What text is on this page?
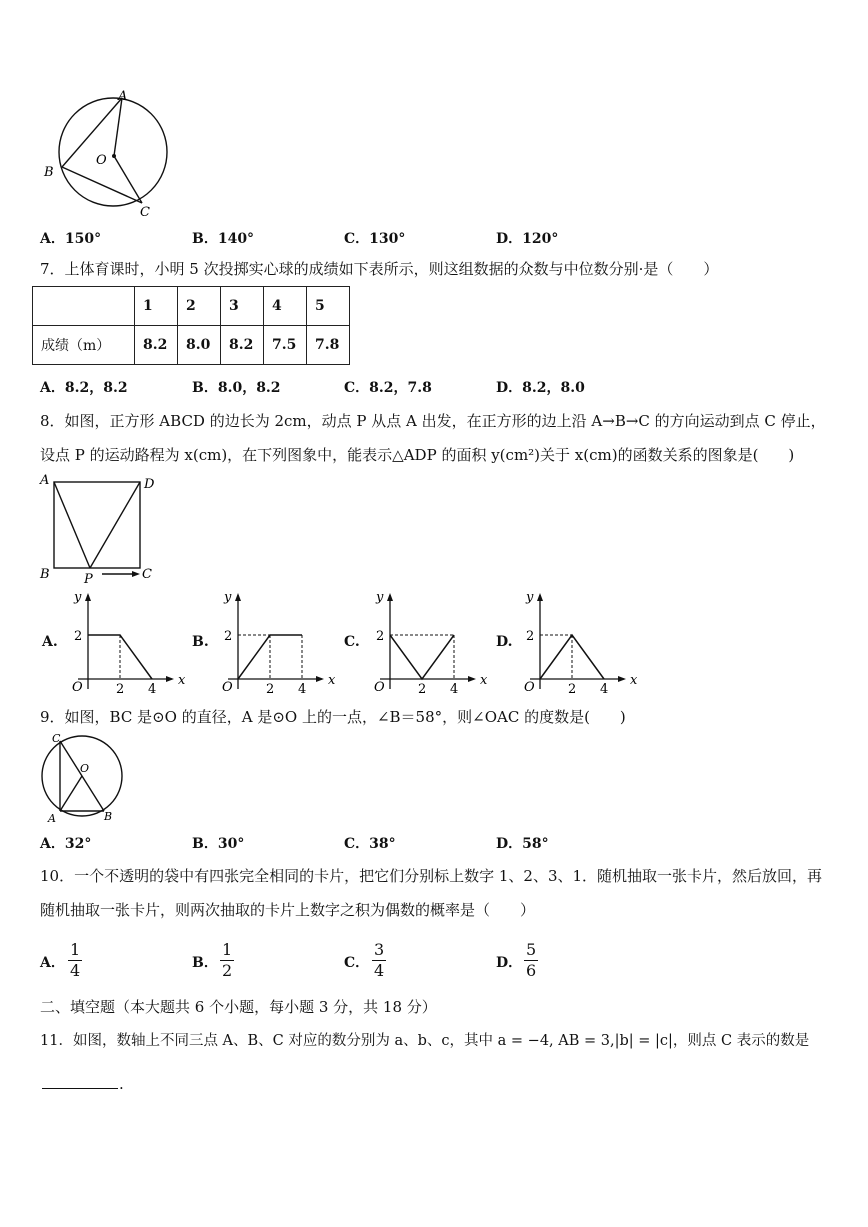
A
B
C
O
A．150°	B．140°	C．130°	D．120°
7．上体育课时，小明 5 次投掷实心球的成绩如下表所示，则这组数据的众数与中位数分别·是（　　）
	1	2	3	4	5
成绩（m）	8.2	8.0	8.2	7.5	7.8
A．8.2，8.2	B．8.0，8.2	C．8.2，7.8	D．8.2，8.0
8．如图，正方形 ABCD 的边长为 2cm，动点 P 从点 A 出发，在正方形的边上沿 A→B→C 的方向运动到点 C 停止，
设点 P 的运动路程为 x(cm)，在下列图象中，能表示△ADP 的面积 y(cm²)关于 x(cm)的函数关系的图象是(　　)
A	D
B	C
P
A.	B.	C.	D.
y
x
O
2
2 4
y
x
O
2
2 4
y
x
O
2
2 4
y
x
O
2
2 4
9．如图，BC 是⊙O 的直径，A 是⊙O 上的一点，∠B＝58°，则∠OAC 的度数是(　　)
C
O
A	B
A．32°	B．30°	C．38°	D．58°
10．一个不透明的袋中有四张完全相同的卡片，把它们分别标上数字 1、2、3、1．随机抽取一张卡片，然后放回，再
随机抽取一张卡片，则两次抽取的卡片上数字之积为偶数的概率是（　　）
A． $\frac{1}{4}$	B． $\frac{1}{2}$	C． $\frac{3}{4}$	D． $\frac{5}{6}$
二、填空题（本大题共 6 个小题，每小题 3 分，共 18 分）
11．如图，数轴上不同三点 A、B、C 对应的数分别为 a、b、c，其中 a = −4, AB = 3,|b| = |c|，则点 C 表示的数是
.
